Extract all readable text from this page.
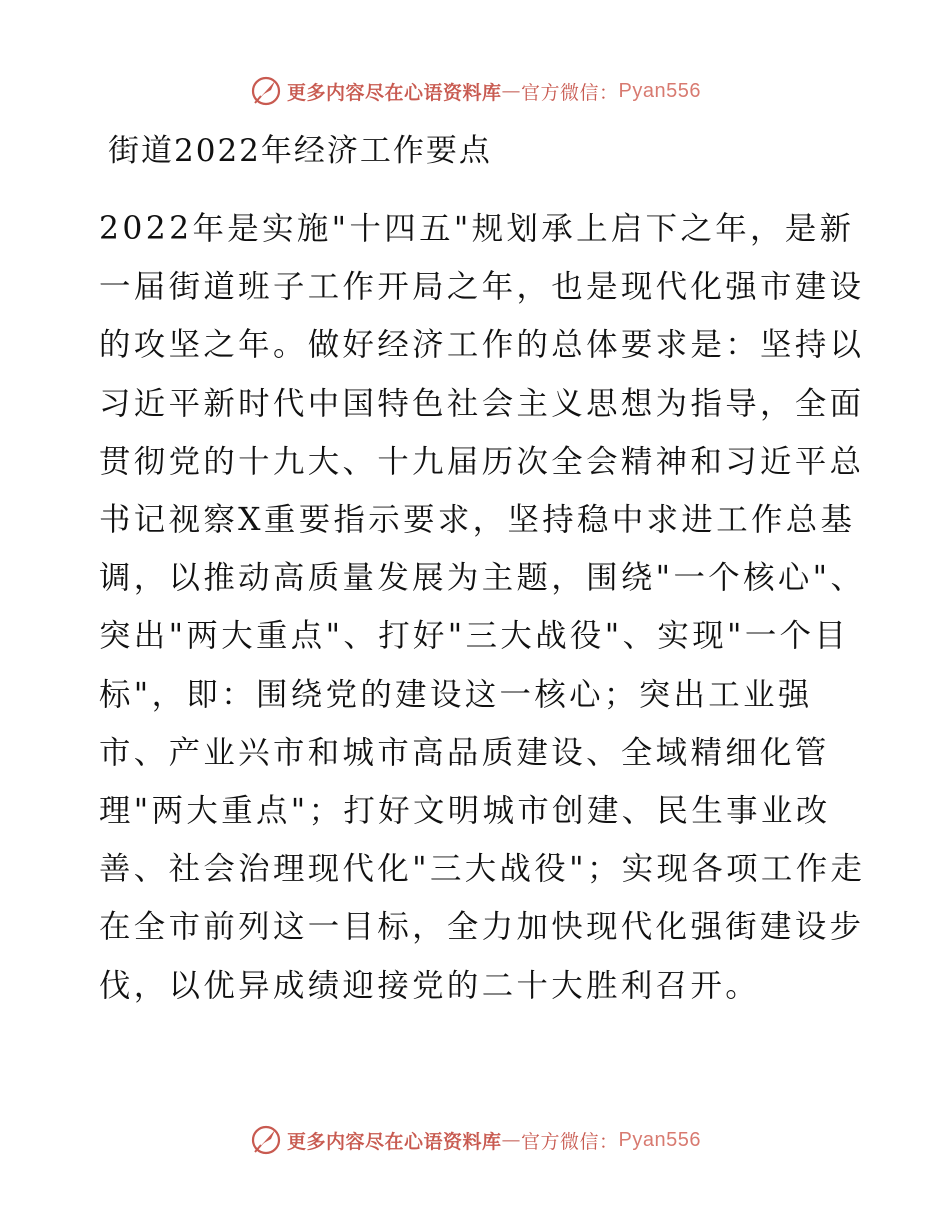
更多内容尽在心语资料库 — 官方微信： Pyan556
街道2022年经济工作要点
2022年是实施"十四五"规划承上启下之年，是新
一届街道班子工作开局之年，也是现代化强市建设
的攻坚之年。做好经济工作的总体要求是：坚持以
习近平新时代中国特色社会主义思想为指导，全面
贯彻党的十九大、十九届历次全会精神和习近平总
书记视察X重要指示要求，坚持稳中求进工作总基
调，以推动高质量发展为主题，围绕"一个核心"、
突出"两大重点"、打好"三大战役"、实现"一个目
标"，即：围绕党的建设这一核心；突出工业强
市、产业兴市和城市高品质建设、全域精细化管
理"两大重点"；打好文明城市创建、民生事业改
善、社会治理现代化"三大战役"；实现各项工作走
在全市前列这一目标，全力加快现代化强街建设步
伐，以优异成绩迎接党的二十大胜利召开。
更多内容尽在心语资料库 — 官方微信： Pyan556
